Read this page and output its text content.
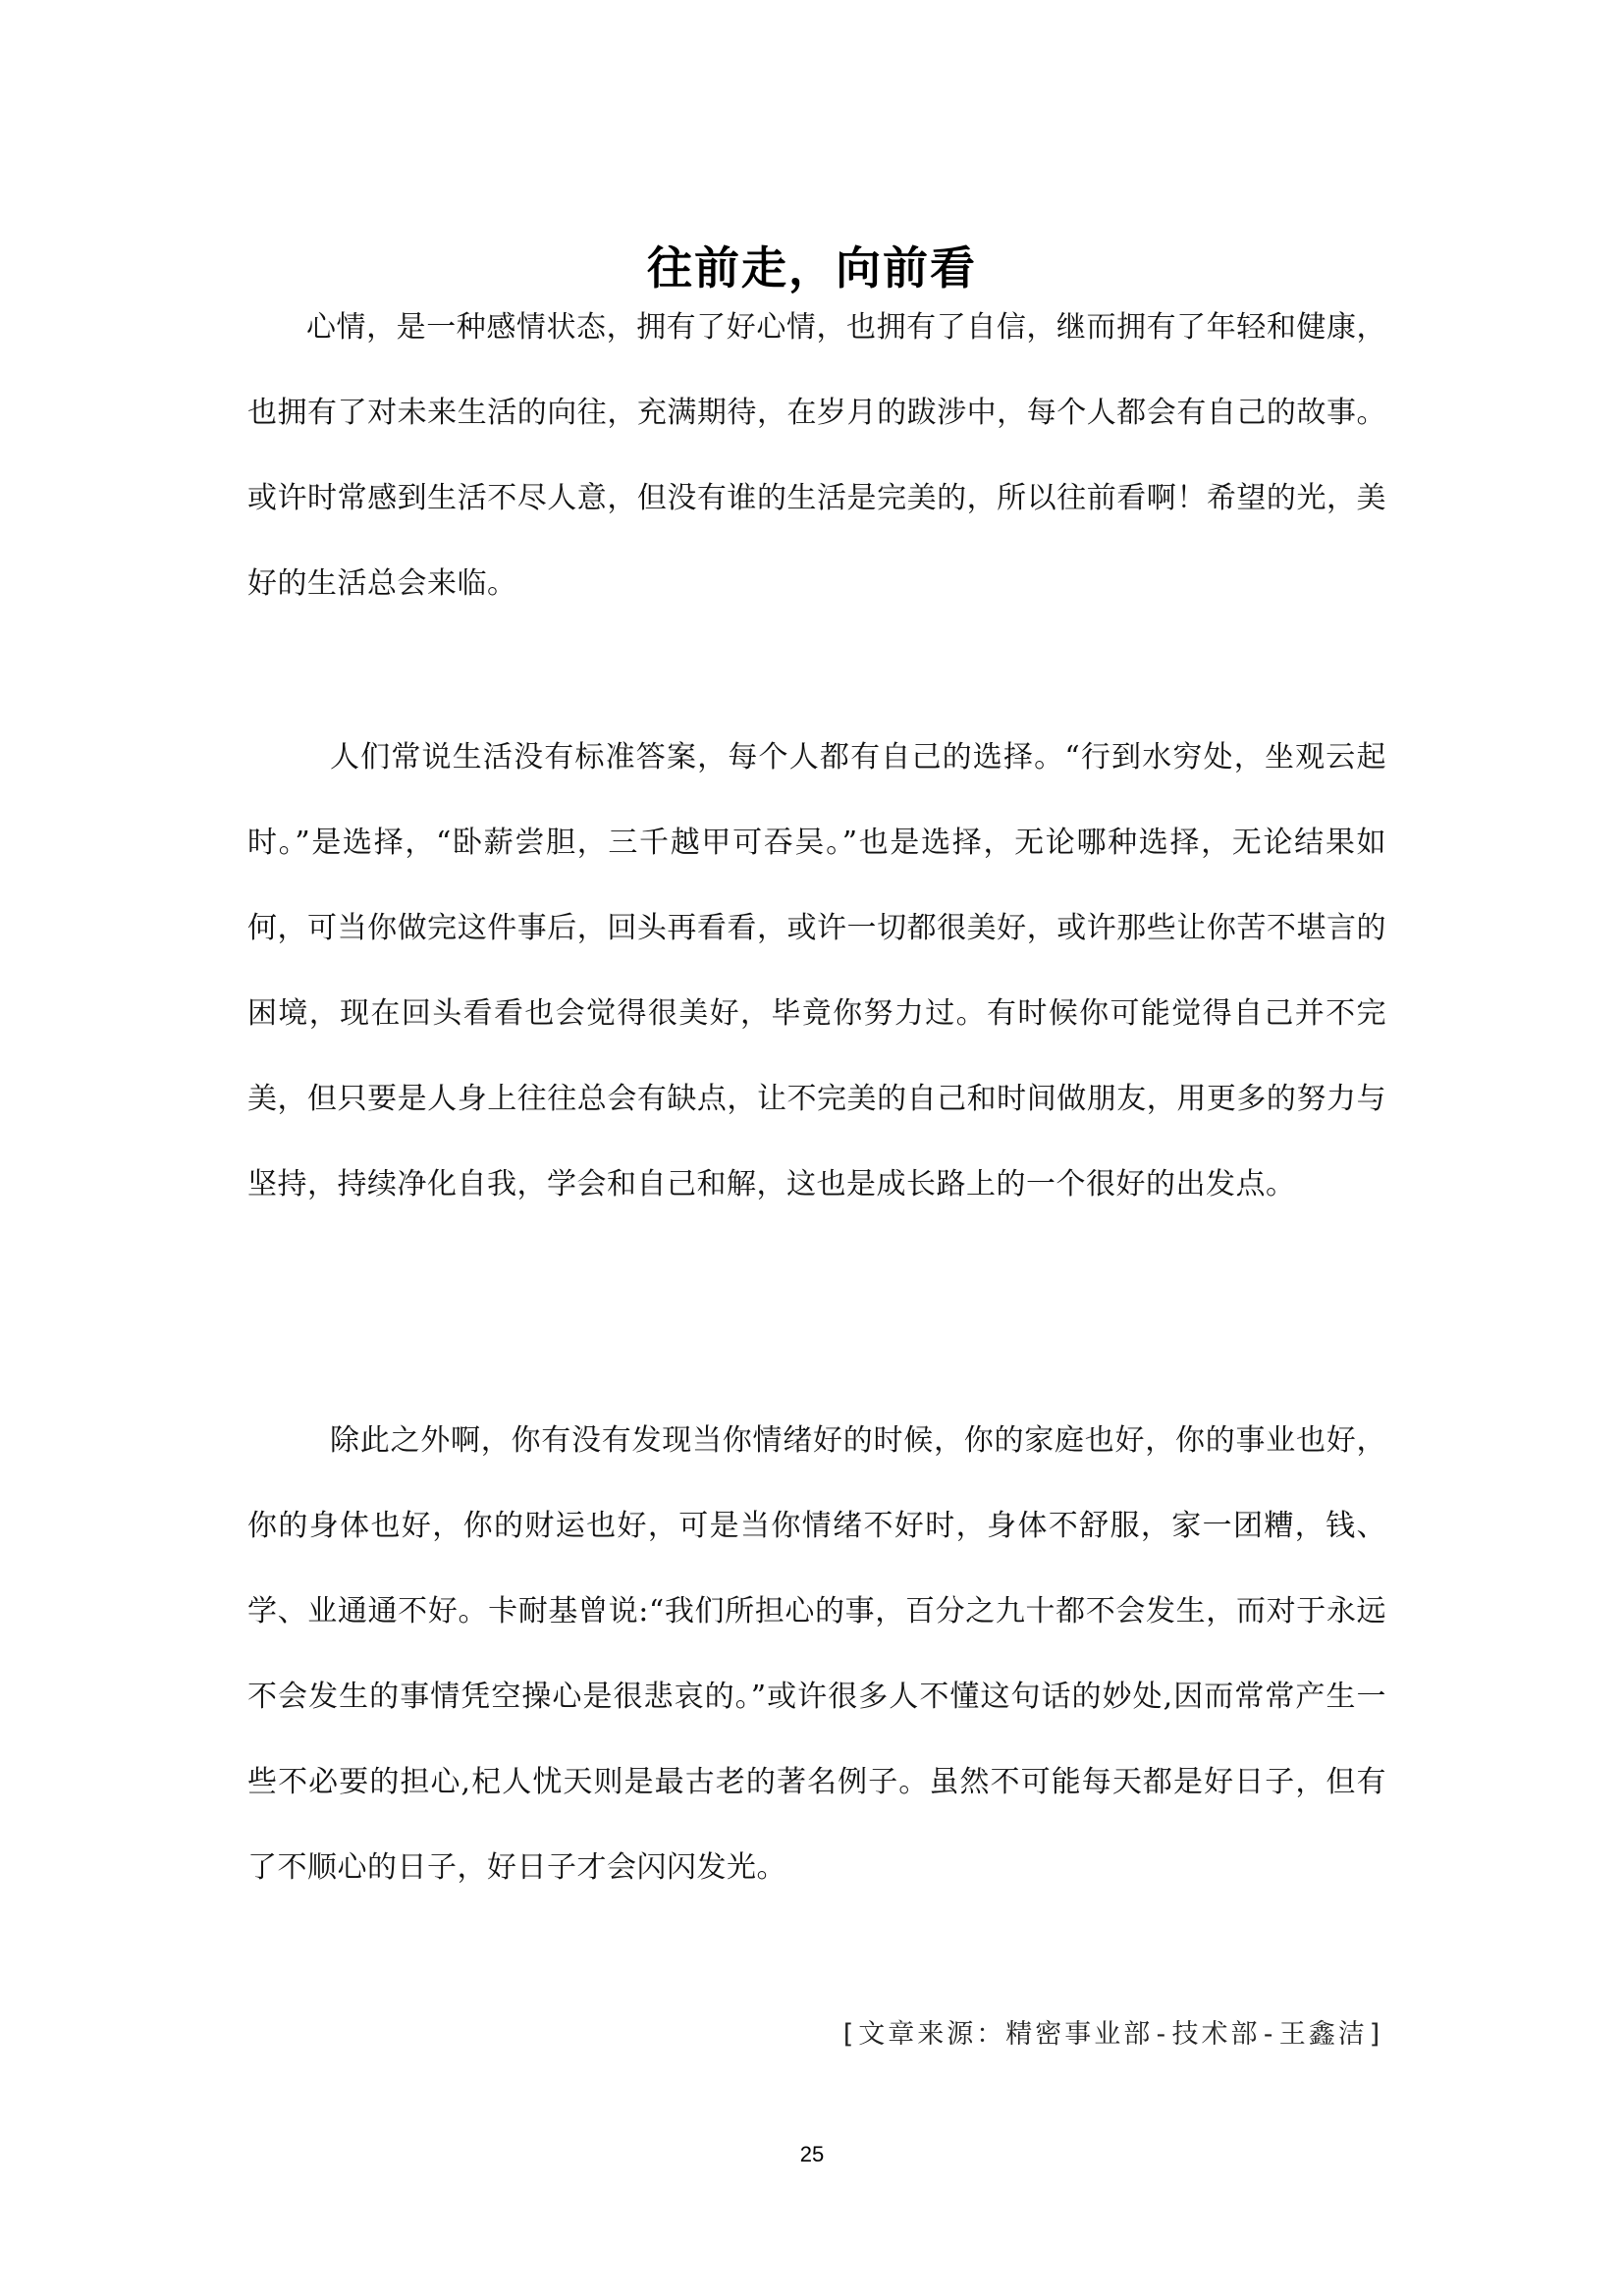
往前走，向前看

心情，是一种感情状态，拥有了好心情，也拥有了自信，继而拥有了年轻和健康，也拥有了对未来生活的向往，充满期待，在岁月的跋涉中，每个人都会有自己的故事。或许时常感到生活不尽人意，但没有谁的生活是完美的，所以往前看啊！希望的光，美好的生活总会来临。

人们常说生活没有标准答案，每个人都有自己的选择。“行到水穷处，坐观云起时。”是选择，“卧薪尝胆，三千越甲可吞吴。”也是选择，无论哪种选择，无论结果如何，可当你做完这件事后，回头再看看，或许一切都很美好，或许那些让你苦不堪言的困境，现在回头看看也会觉得很美好，毕竟你努力过。有时候你可能觉得自己并不完美，但只要是人身上往往总会有缺点，让不完美的自己和时间做朋友，用更多的努力与坚持，持续净化自我，学会和自己和解，这也是成长路上的一个很好的出发点。

除此之外啊，你有没有发现当你情绪好的时候，你的家庭也好，你的事业也好，你的身体也好，你的财运也好，可是当你情绪不好时，身体不舒服，家一团糟，钱、学、业通通不好。卡耐基曾说:“我们所担心的事，百分之九十都不会发生，而对于永远不会发生的事情凭空操心是很悲哀的。”或许很多人不懂这句话的妙处,因而常常产生一些不必要的担心,杞人忧天则是最古老的著名例子。虽然不可能每天都是好日子，但有了不顺心的日子，好日子才会闪闪发光。

[文章来源：精密事业部-技术部-王鑫洁]
25
